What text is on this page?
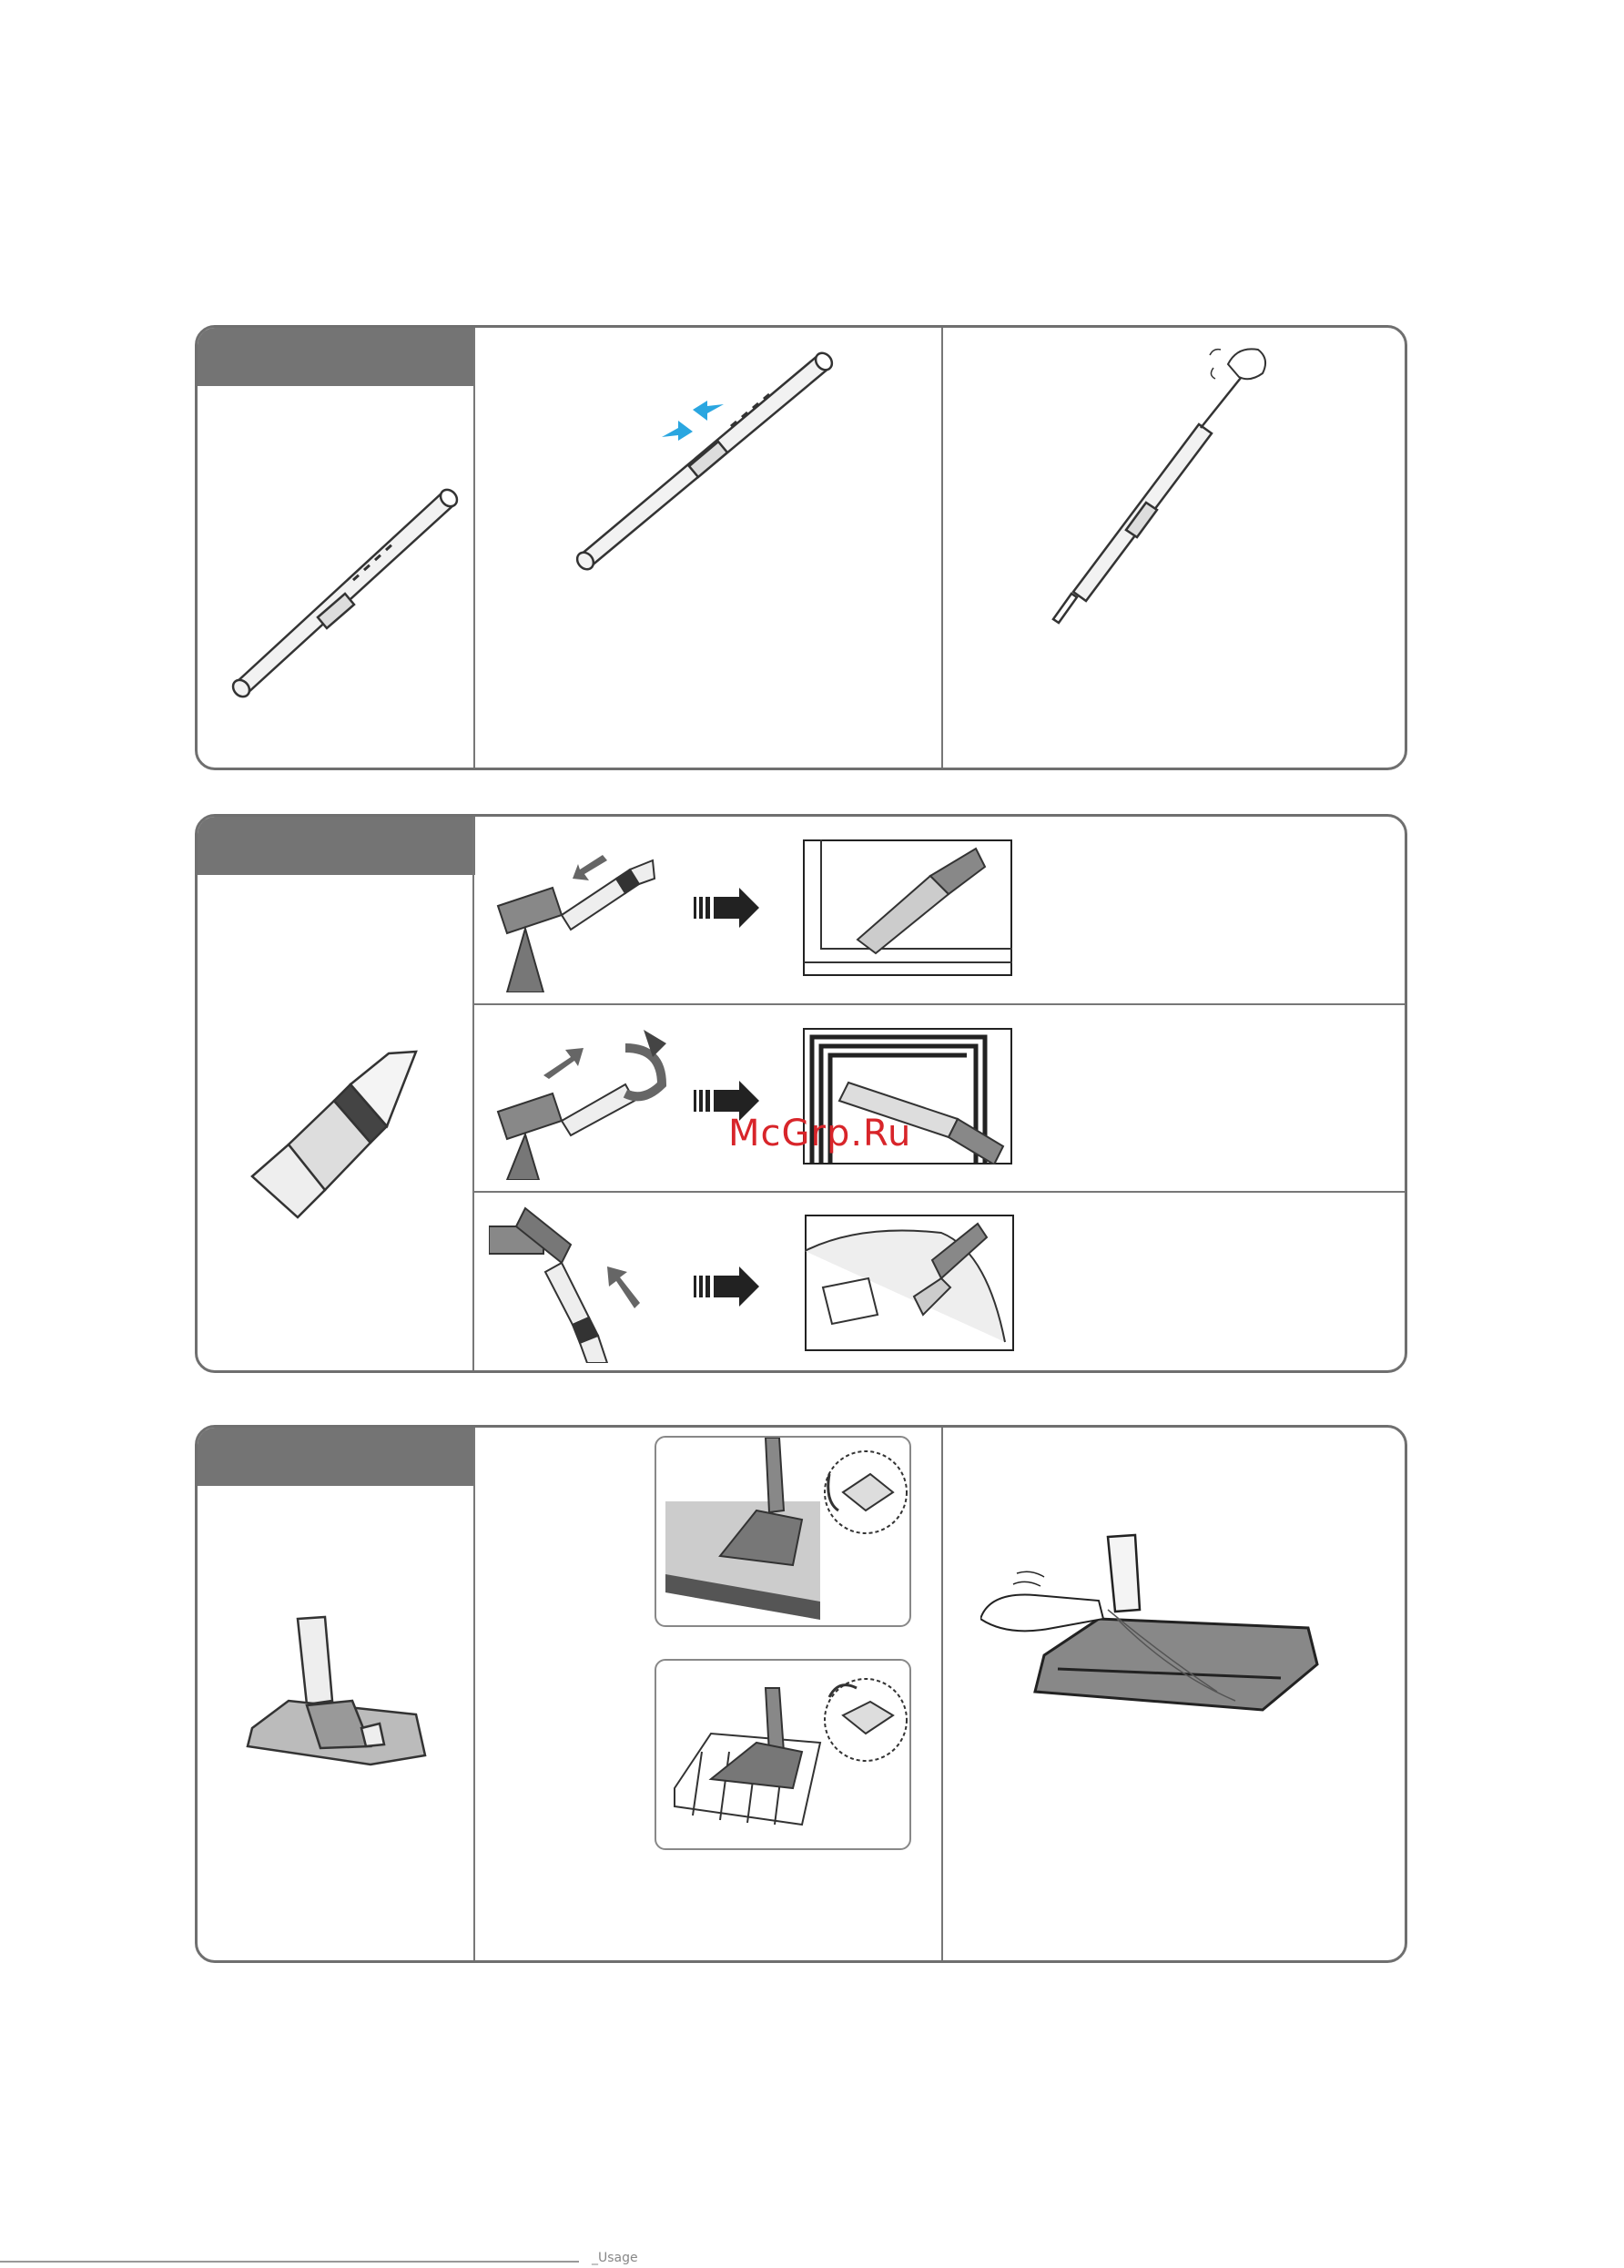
McGrp.Ru
_Usage
